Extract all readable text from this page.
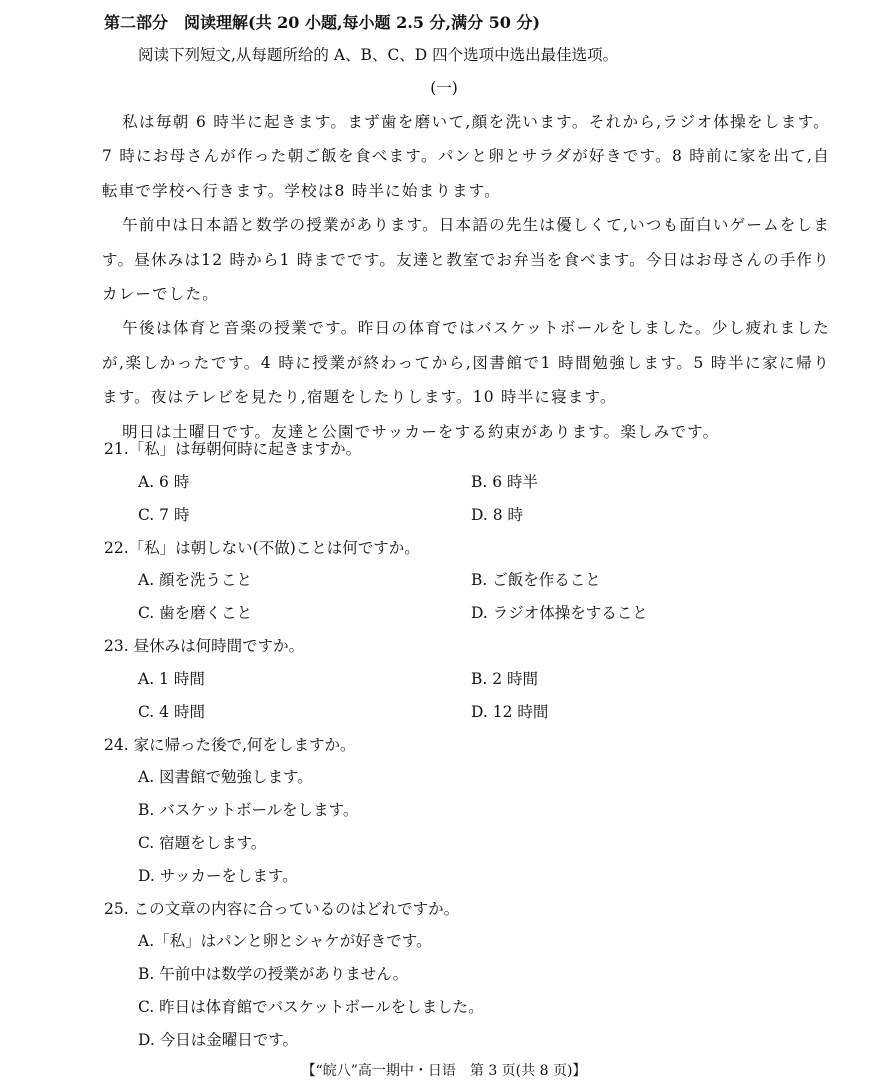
第二部分　阅读理解(共 20 小题,每小题 2.5 分,满分 50 分)
阅读下列短文,从每题所给的 A、B、C、D 四个选项中选出最佳选项。
(一)

私は毎朝 6 時半に起きます。まず歯を磨いて,顔を洗います。それから,ラジオ体操をします。7 時にお母さんが作った朝ご飯を食べます。パンと卵とサラダが好きです。8 時前に家を出て,自転車で学校へ行きます。学校は8 時半に始まります。

午前中は日本語と数学の授業があります。日本語の先生は優しくて,いつも面白いゲームをします。昼休みは12 時から1 時までです。友達と教室でお弁当を食べます。今日はお母さんの手作りカレーでした。

午後は体育と音楽の授業です。昨日の体育ではバスケットボールをしました。少し疲れましたが,楽しかったです。4 時に授業が終わってから,図書館で1 時間勉強します。5 時半に家に帰ります。夜はテレビを見たり,宿題をしたりします。10 時半に寝ます。

明日は土曜日です。友達と公園でサッカーをする約束があります。楽しみです。

21.「私」は毎朝何時に起きますか。
A. 6 時	B. 6 時半
C. 7 時	D. 8 時
22.「私」は朝しない(不做)ことは何ですか。
A. 顔を洗うこと	B. ご飯を作ること
C. 歯を磨くこと	D. ラジオ体操をすること
23. 昼休みは何時間ですか。
A. 1 時間	B. 2 時間
C. 4 時間	D. 12 時間
24. 家に帰った後で,何をしますか。
A. 図書館で勉強します。
B. バスケットボールをします。
C. 宿題をします。
D. サッカーをします。
25. この文章の内容に合っているのはどれですか。
A.「私」はパンと卵とシャケが好きです。
B. 午前中は数学の授業がありません。
C. 昨日は体育館でバスケットボールをしました。
D. 今日は金曜日です。
【“皖八”高一期中・日语　第 3 页(共 8 页)】
